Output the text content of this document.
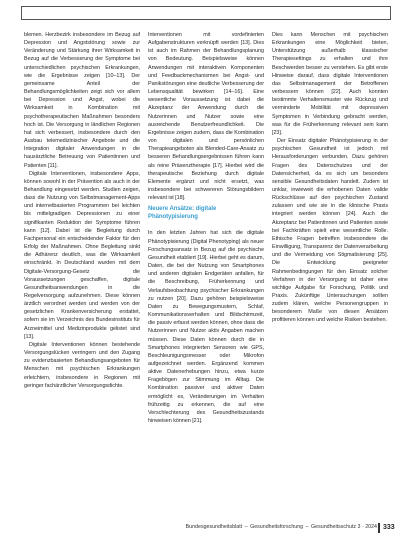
blemen. Herzbezirk insbesondere im Bezug auf Depression und Angststörung sowie zur Veränderung und Stärkung ihrer Wirksamkeit in Bezug auf die Verbesserung der Symptome bei unterschiedlichen psychischen Erkrankungen, wie die Ergebnisse zeigen [10–13]. Der gemeinsame Anteil der Behandlungsmöglichkeiten zeigt sich vor allem bei Depression und Angst, wobei die Wirksamkeit in Kombination mit psychotherapeutischen Maßnahmen besonders hoch ist. Die Versorgung in ländlichen Regionen hat sich verbessert, insbesondere durch den Ausbau telemedizinischer Angebote und die Integration digitaler Anwendungen in die hausärztliche Betreuung von Patientinnen und Patienten [11].

Digitale Interventionen, insbesondere Apps, können sowohl in der Prävention als auch in der Behandlung eingesetzt werden. Studien zeigen, dass die Nutzung von Selbstmanagement-Apps und internetbasierten Programmen bei leichten bis mittelgradigen Depressionen zu einer signifikanten Reduktion der Symptome führen kann [12]. Dabei ist die Begleitung durch Fachpersonal ein entscheidender Faktor für den Erfolg der Maßnahmen. Ohne Begleitung sinkt die Adhärenz deutlich, was die Wirksamkeit einschränkt. In Deutschland wurden mit dem Digitale-Versorgung-Gesetz die Voraussetzungen geschaffen, digitale Gesundheitsanwendungen in die Regelversorgung aufzunehmen. Diese können ärztlich verordnet werden und werden von der gesetzlichen Krankenversicherung erstattet, sofern sie im Verzeichnis des Bundesinstituts für Arzneimittel und Medizinprodukte gelistet sind [13].

Digitale Interventionen können bestehende Versorgungslücken verringern und den Zugang zu evidenzbasierten Behandlungsangeboten für Menschen mit psychischen Erkrankungen erleichtern, insbesondere in Regionen mit geringer fachärztlicher Versorgungsdichte.

Interventionen mit vordefinierten Aufgabenstrukturen verknüpft werden [13]. Dies ist auch im Rahmen der Behandlungsplanung von Bedeutung. Beispielsweise können Anwendungen mit interaktiven Komponenten und Feedbackmechanismen bei Angst- und Panikstörungen eine deutliche Verbesserung der Lebensqualität bewirken [14–16]. Eine wesentliche Voraussetzung ist dabei die Akzeptanz der Anwendung durch die Nutzerinnen und Nutzer sowie eine ausreichende Benutzerfreundlichkeit. Die Ergebnisse zeigen zudem, dass die Kombination von digitalen und persönlichen Therapieangeboten als Blended-Care-Ansatz zu besseren Behandlungsergebnissen führen kann als reine Präsenztherapie [17]. Hierbei wird die therapeutische Beziehung durch digitale Elemente ergänzt und nicht ersetzt, was insbesondere bei schwereren Störungsbildern relevant ist [18].

Neuere Ansätze: digitale Phänotypisierung

In den letzten Jahren hat sich die digitale Phänotypisierung (Digital Phenotyping) als neuer Forschungsansatz in Bezug auf die psychische Gesundheit etabliert [19]. Hierbei geht es darum, Daten, die bei der Nutzung von Smartphones und anderen digitalen Endgeräten anfallen, für die Beschreibung, Früherkennung und Verlaufsbeobachtung psychischer Erkrankungen zu nutzen [20]. Dazu gehören beispielsweise Daten zu Bewegungsmustern, Schlaf, Kommunikationsverhalten und Bildschirmzeit, die passiv erfasst werden können, ohne dass die Nutzerinnen und Nutzer aktiv Angaben machen müssen. Diese Daten können durch die in Smartphones integrierten Sensoren wie GPS, Beschleunigungsmesser oder Mikrofon aufgezeichnet werden. Ergänzend kommen aktive Datenerhebungen hinzu, etwa kurze Fragebögen zur Stimmung im Alltag. Die Kombination passiver und aktiver Daten ermöglicht es, Veränderungen im Verhalten frühzeitig zu erkennen, die auf eine Verschlechterung des Gesundheitszustands hinweisen können [21].

Dies kann Menschen mit psychischen Erkrankungen eine Möglichkeit bieten, Unterstützung außerhalb klassischer Therapiesettings zu erhalten und ihre Beschwerden besser zu verstehen. Es gibt erste Hinweise darauf, dass digitale Interventionen das Selbstmanagement der Betroffenen verbessern können [22]. Auch konnten bestimmte Verhaltensmuster wie Rückzug und verminderte Mobilität mit depressiven Symptomen in Verbindung gebracht werden, was für die Früherkennung relevant sein kann [23].

Der Einsatz digitaler Phänotypisierung in der psychischen Gesundheit ist jedoch mit Herausforderungen verbunden. Dazu gehören Fragen des Datenschutzes und der Datensicherheit, da es sich um besonders sensible Gesundheitsdaten handelt. Zudem ist unklar, inwieweit die erhobenen Daten valide Rückschlüsse auf den psychischen Zustand zulassen und wie sie in die klinische Praxis integriert werden können [24]. Auch die Akzeptanz bei Patientinnen und Patienten sowie bei Fachkräften spielt eine wesentliche Rolle. Ethische Fragen betreffen insbesondere die Einwilligung, Transparenz der Datenverarbeitung und die Vermeidung von Stigmatisierung [25]. Die Entwicklung geeigneter Rahmenbedingungen für den Einsatz solcher Verfahren in der Versorgung ist daher eine wichtige Aufgabe für Forschung, Politik und Praxis. Zukünftige Untersuchungen sollten zudem klären, welche Personengruppen in besonderem Maße von diesen Ansätzen profitieren können und welche Risiken bestehen.

Bundesgesundheitsblatt – Gesundheitsforschung – Gesundheitsschutz 3 · 2024 333
